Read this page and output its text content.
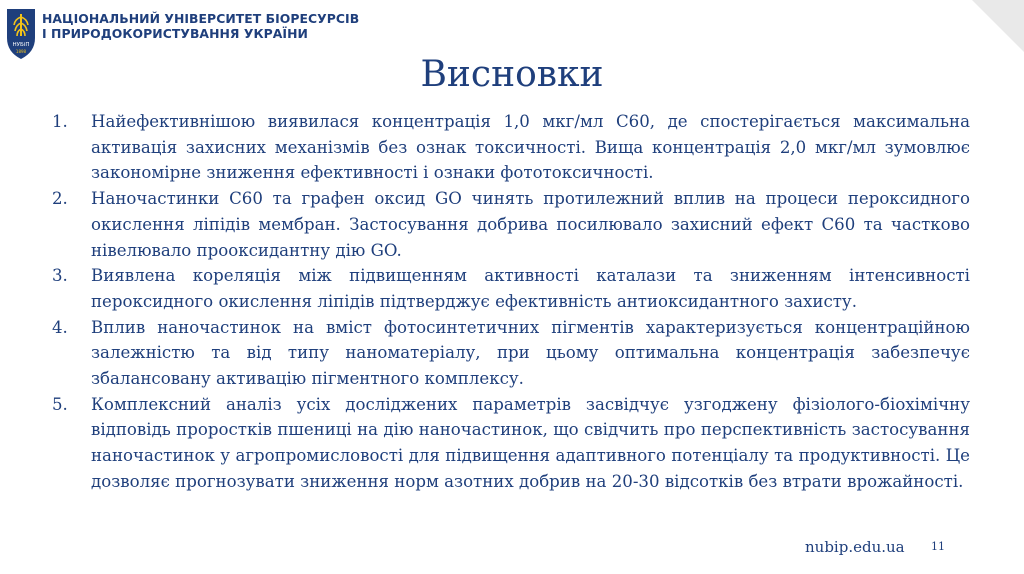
НУБіП
1898
НАЦІОНАЛЬНИЙ УНІВЕРСИТЕТ БІОРЕСУРСІВ
І ПРИРОДОКОРИСТУВАННЯ УКРАЇНИ
Висновки
1. Найефективнішою виявилася концентрація 1,0 мкг/мл С60, де спостерігається максимальна активація захисних механізмів без ознак токсичності. Вища концентрація 2,0 мкг/мл зумовлює закономірне зниження ефективності і ознаки фототоксичності.
2. Наночастинки С60 та графен оксид GO чинять протилежний вплив на процеси пероксидного окислення ліпідів мембран. Застосування добрива посилювало захисний ефект С60 та частково нівелювало прооксидантну дію GO.
3. Виявлена кореляція між підвищенням активності каталази та зниженням інтенсивності пероксидного окислення ліпідів підтверджує ефективність антиоксидантного захисту.
4. Вплив наночастинок на вміст фотосинтетичних пігментів характеризується концентраційною залежністю та від типу наноматеріалу, при цьому оптимальна концентрація забезпечує збалансовану активацію пігментного комплексу.
5. Комплексний аналіз усіх досліджених параметрів засвідчує узгоджену фізіолого-біохімічну відповідь проростків пшениці на дію наночастинок, що свідчить про перспективність застосування наночастинок у агропромисловості для підвищення адаптивного потенціалу та продуктивності. Це дозволяє прогнозувати зниження норм азотних добрив на 20-30 відсотків без втрати врожайності.
nubip.edu.ua 11
